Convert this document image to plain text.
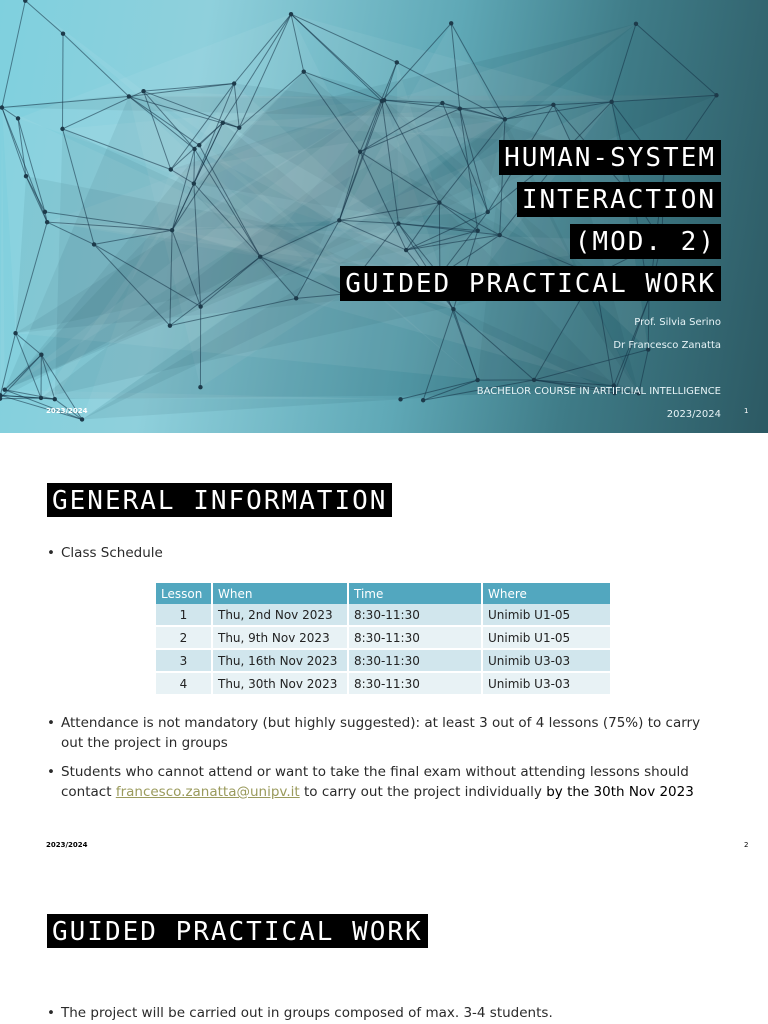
HUMAN-SYSTEM
INTERACTION
(MOD. 2)
GUIDED PRACTICAL WORK
Prof. Silvia Serino
Dr Francesco Zanatta
BACHELOR COURSE IN ARTIFICIAL INTELLIGENCE
2023/2024
2023/2024	1
GENERAL INFORMATION
• Class Schedule
Lesson	When	Time	Where
1	Thu, 2nd Nov 2023	8:30-11:30	Unimib U1-05
2	Thu, 9th Nov 2023	8:30-11:30	Unimib U1-05
3	Thu, 16th Nov 2023	8:30-11:30	Unimib U3-03
4	Thu, 30th Nov 2023	8:30-11:30	Unimib U3-03
• Attendance is not mandatory (but highly suggested): at least 3 out of 4 lessons (75%) to carry out the project in groups
• Students who cannot attend or want to take the final exam without attending lessons should contact francesco.zanatta@unipv.it to carry out the project individually by the 30th Nov 2023
2023/2024	2
GUIDED PRACTICAL WORK
• The project will be carried out in groups composed of max. 3-4 students.
